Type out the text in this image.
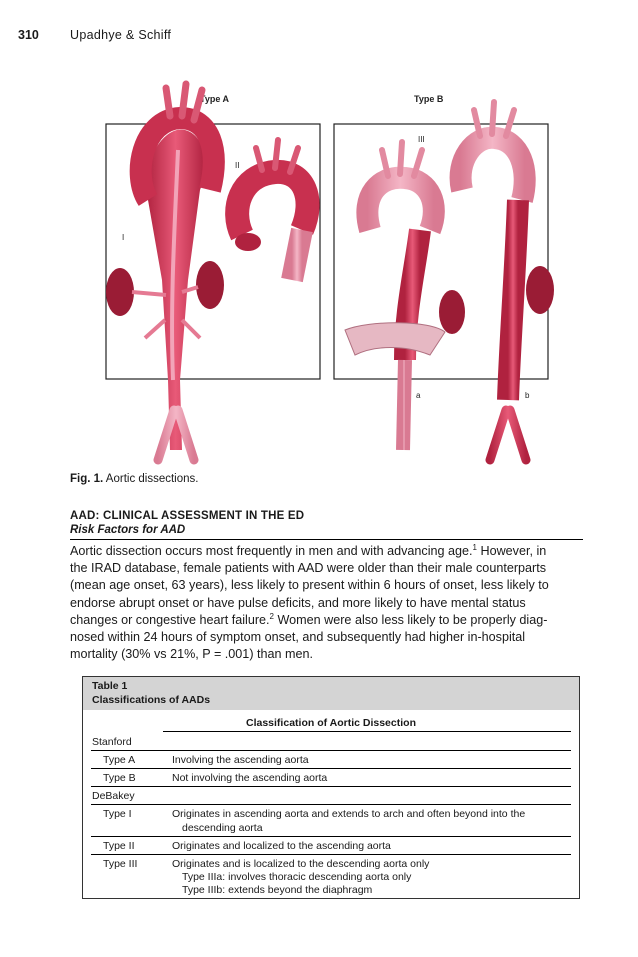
310 Upadhye & Schiff
Type A	Type B
I
II
III
a	b
Fig. 1. Aortic dissections.
AAD: CLINICAL ASSESSMENT IN THE ED
Risk Factors for AAD
Aortic dissection occurs most frequently in men and with advancing age.$^1$ However, in
the IRAD database, female patients with AAD were older than their male counterparts
(mean age onset, 63 years), less likely to present within 6 hours of onset, less likely to
endorse abrupt onset or have pulse deficits, and more likely to have mental status
changes or congestive heart failure.$^2$ Women were also less likely to be properly diag-
nosed within 24 hours of symptom onset, and subsequently had higher in-hospital
mortality (30% vs 21%, P = .001) than men.
Table 1
Classifications of AADs
Classification of Aortic Dissection
Stanford
Type A	Involving the ascending aorta
Type B	Not involving the ascending aorta
DeBakey
Type I	Originates in ascending aorta and extends to arch and often beyond into the
descending aorta
Type II	Originates and localized to the ascending aorta
Type III	Originates and is localized to the descending aorta only
Type IIIa: involves thoracic descending aorta only
Type IIIb: extends beyond the diaphragm
